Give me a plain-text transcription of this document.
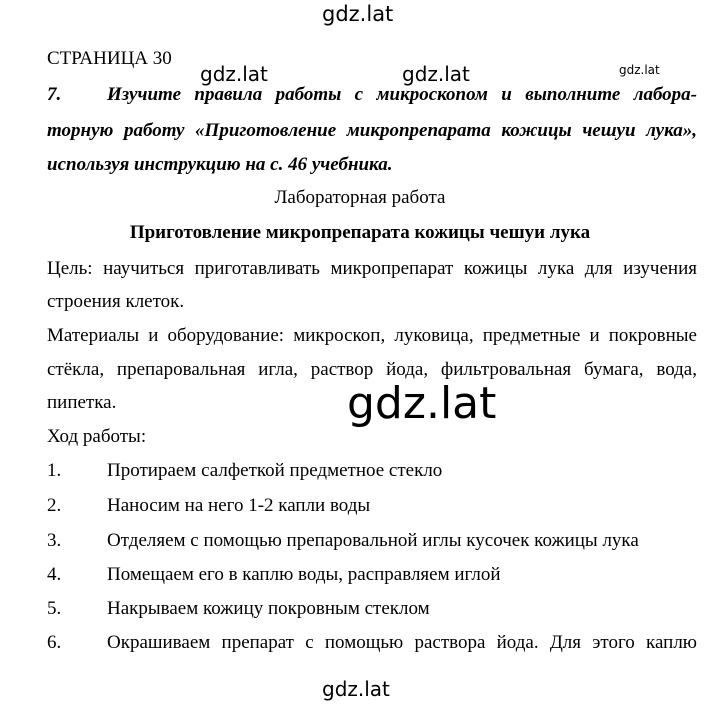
gdz.lat
СТРАНИЦА 30
gdz.lat	gdz.lat	gdz.lat
7. Изучите правила работы с микроскопом и выполните лабора-
торную работу «Приготовление микропрепарата кожицы чешуи лука»,
используя инструкцию на с. 46 учебника.
Лабораторная работа
Приготовление микропрепарата кожицы чешуи лука
Цель: научиться приготавливать микропрепарат кожицы лука для изучения
строения клеток.
Материалы и оборудование: микроскоп, луковица, предметные и покровные
стёкла, препаровальная игла, раствор йода, фильтровальная бумага, вода,
пипетка.	gdz.lat
Ход работы:
1. Протираем салфеткой предметное стекло
2. Наносим на него 1-2 капли воды
3. Отделяем с помощью препаровальной иглы кусочек кожицы лука
4. Помещаем его в каплю воды, расправляем иглой
5. Накрываем кожицу покровным стеклом
6. Окрашиваем препарат с помощью раствора йода. Для этого каплю
gdz.lat
